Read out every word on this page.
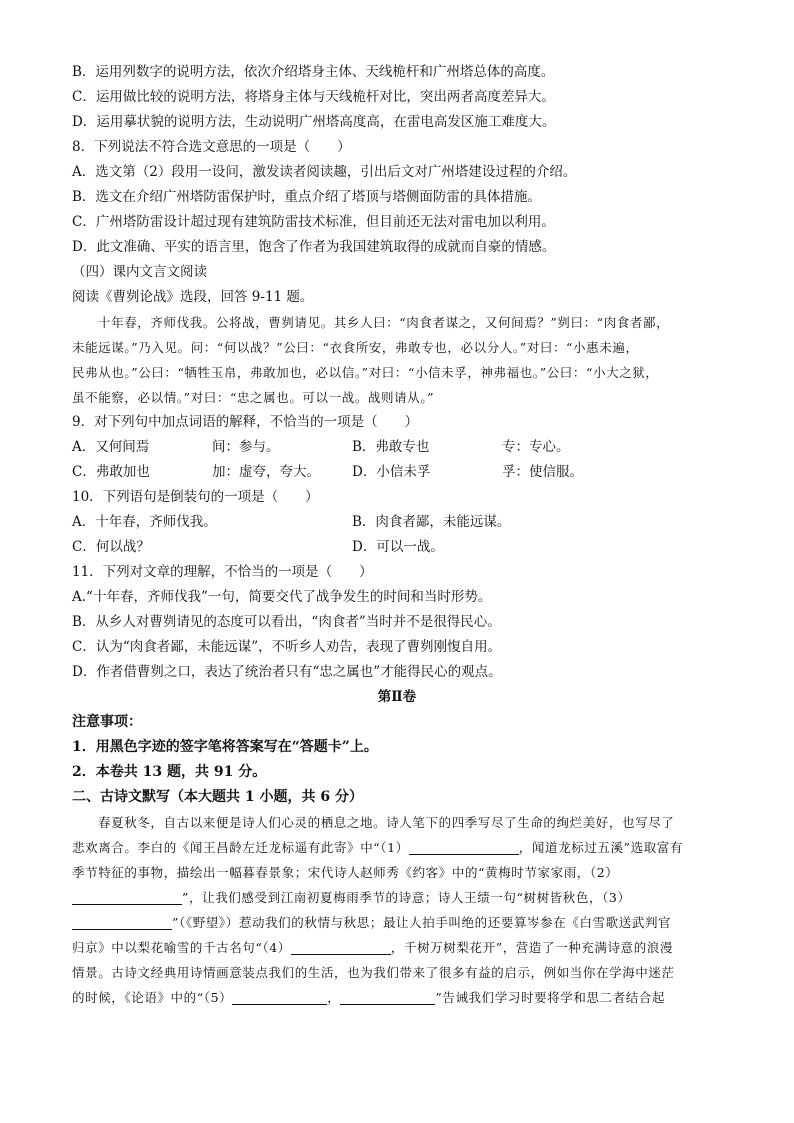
B．运用列数字的说明方法，依次介绍塔身主体、天线桅杆和广州塔总体的高度。
C．运用做比较的说明方法，将塔身主体与天线桅杆对比，突出两者高度差异大。
D．运用摹状貌的说明方法，生动说明广州塔高度高，在雷电高发区施工难度大。
8．下列说法不符合选文意思的一项是（　　）
A．选文第（2）段用一设问，激发读者阅读趣，引出后文对广州塔建设过程的介绍。
B．选文在介绍广州塔防雷保护时，重点介绍了塔顶与塔侧面防雷的具体措施。
C．广州塔防雷设计超过现有建筑防雷技术标准，但目前还无法对雷电加以利用。
D．此文准确、平实的语言里，饱含了作者为我国建筑取得的成就而自豪的情感。
（四）课内文言文阅读
阅读《曹刿论战》选段，回答 9-11 题。
十年春，齐师伐我。公将战，曹刿请见。其乡人曰：“肉食者谋之，又何间焉？”刿曰：“肉食者鄙，
未能远谋。”乃入见。问：“何以战？”公曰：“衣食所安，弗敢专也，必以分人。”对曰：“小惠未遍，
民弗从也。”公曰：“牺牲玉帛，弗敢加也，必以信。”对曰：“小信未孚，神弗福也。”公曰：“小大之狱，
虽不能察，必以情。”对曰：“忠之属也。可以一战。战则请从。”
9．对下列句中加点词语的解释，不恰当的一项是（　　）
A．又何间焉	间：参与。	B．弗敢专也	专：专心。
C．弗敢加也	加：虚夸，夸大。	D．小信未孚	孚：使信服。
10．下列语句是倒装句的一项是（　　）
A．十年春，齐师伐我。	B．肉食者鄙，未能远谋。
C．何以战？	D．可以一战。
11．下列对文章的理解，不恰当的一项是（　　）
A.“十年春，齐师伐我”一句，简要交代了战争发生的时间和当时形势。
B．从乡人对曹刿请见的态度可以看出，“肉食者”当时并不是很得民心。
C．认为“肉食者鄙，未能远谋”，不听乡人劝告，表现了曹刿刚愎自用。
D．作者借曹刿之口，表达了统治者只有“忠之属也”才能得民心的观点。
第Ⅱ卷
注意事项：
1．用黑色字迹的签字笔将答案写在“答题卡”上。
2．本卷共 13 题，共 91 分。
二、古诗文默写（本大题共 1 小题，共 6 分）
春夏秋冬，自古以来便是诗人们心灵的栖息之地。诗人笔下的四季写尽了生命的绚烂美好，也写尽了
悲欢离合。李白的《闻王昌龄左迁龙标遥有此寄》中“（1）	，闻道龙标过五溪”选取富有
季节特征的事物，描绘出一幅暮春景象；宋代诗人赵师秀《约客》中的“黄梅时节家家雨，（2）
”，让我们感受到江南初夏梅雨季节的诗意；诗人王绩一句“树树皆秋色，（3）
”（《野望》）惹动我们的秋情与秋思；最让人拍手叫绝的还要算岑参在《白雪歌送武判官
归京》中以梨花喻雪的千古名句“（4）	，千树万树梨花开”，营造了一种充满诗意的浪漫
情景。古诗文经典用诗情画意装点我们的生活，也为我们带来了很多有益的启示，例如当你在学海中迷茫
的时候，《论语》中的“（5）	，	”告诫我们学习时要将学和思二者结合起
